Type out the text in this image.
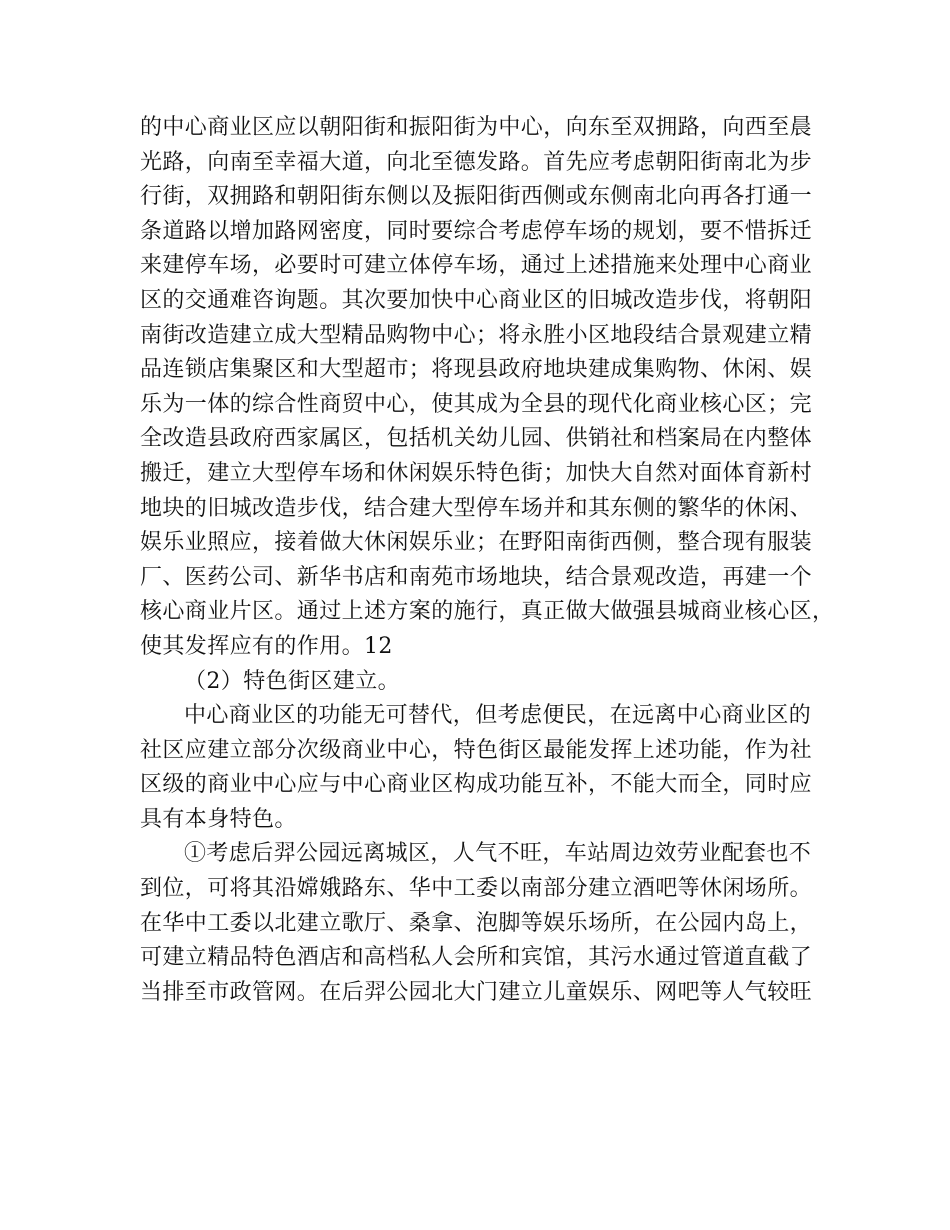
的中心商业区应以朝阳街和振阳街为中心，向东至双拥路，向西至晨
光路，向南至幸福大道，向北至德发路。首先应考虑朝阳街南北为步
行街，双拥路和朝阳街东侧以及振阳街西侧或东侧南北向再各打通一
条道路以增加路网密度，同时要综合考虑停车场的规划，要不惜拆迁
来建停车场，必要时可建立体停车场，通过上述措施来处理中心商业
区的交通难咨询题。其次要加快中心商业区的旧城改造步伐，将朝阳
南街改造建立成大型精品购物中心；将永胜小区地段结合景观建立精
品连锁店集聚区和大型超市；将现县政府地块建成集购物、休闲、娱
乐为一体的综合性商贸中心，使其成为全县的现代化商业核心区；完
全改造县政府西家属区，包括机关幼儿园、供销社和档案局在内整体
搬迁，建立大型停车场和休闲娱乐特色街；加快大自然对面体育新村
地块的旧城改造步伐，结合建大型停车场并和其东侧的繁华的休闲、
娱乐业照应，接着做大休闲娱乐业；在野阳南街西侧，整合现有服装
厂、医药公司、新华书店和南苑市场地块，结合景观改造，再建一个
核心商业片区。通过上述方案的施行，真正做大做强县城商业核心区，
使其发挥应有的作用。12
（2）特色街区建立。
中心商业区的功能无可替代，但考虑便民，在远离中心商业区的
社区应建立部分次级商业中心，特色街区最能发挥上述功能，作为社
区级的商业中心应与中心商业区构成功能互补，不能大而全，同时应
具有本身特色。
①考虑后羿公园远离城区，人气不旺，车站周边效劳业配套也不
到位，可将其沿嫦娥路东、华中工委以南部分建立酒吧等休闲场所。
在华中工委以北建立歌厅、桑拿、泡脚等娱乐场所，在公园内岛上，
可建立精品特色酒店和高档私人会所和宾馆，其污水通过管道直截了
当排至市政管网。在后羿公园北大门建立儿童娱乐、网吧等人气较旺
